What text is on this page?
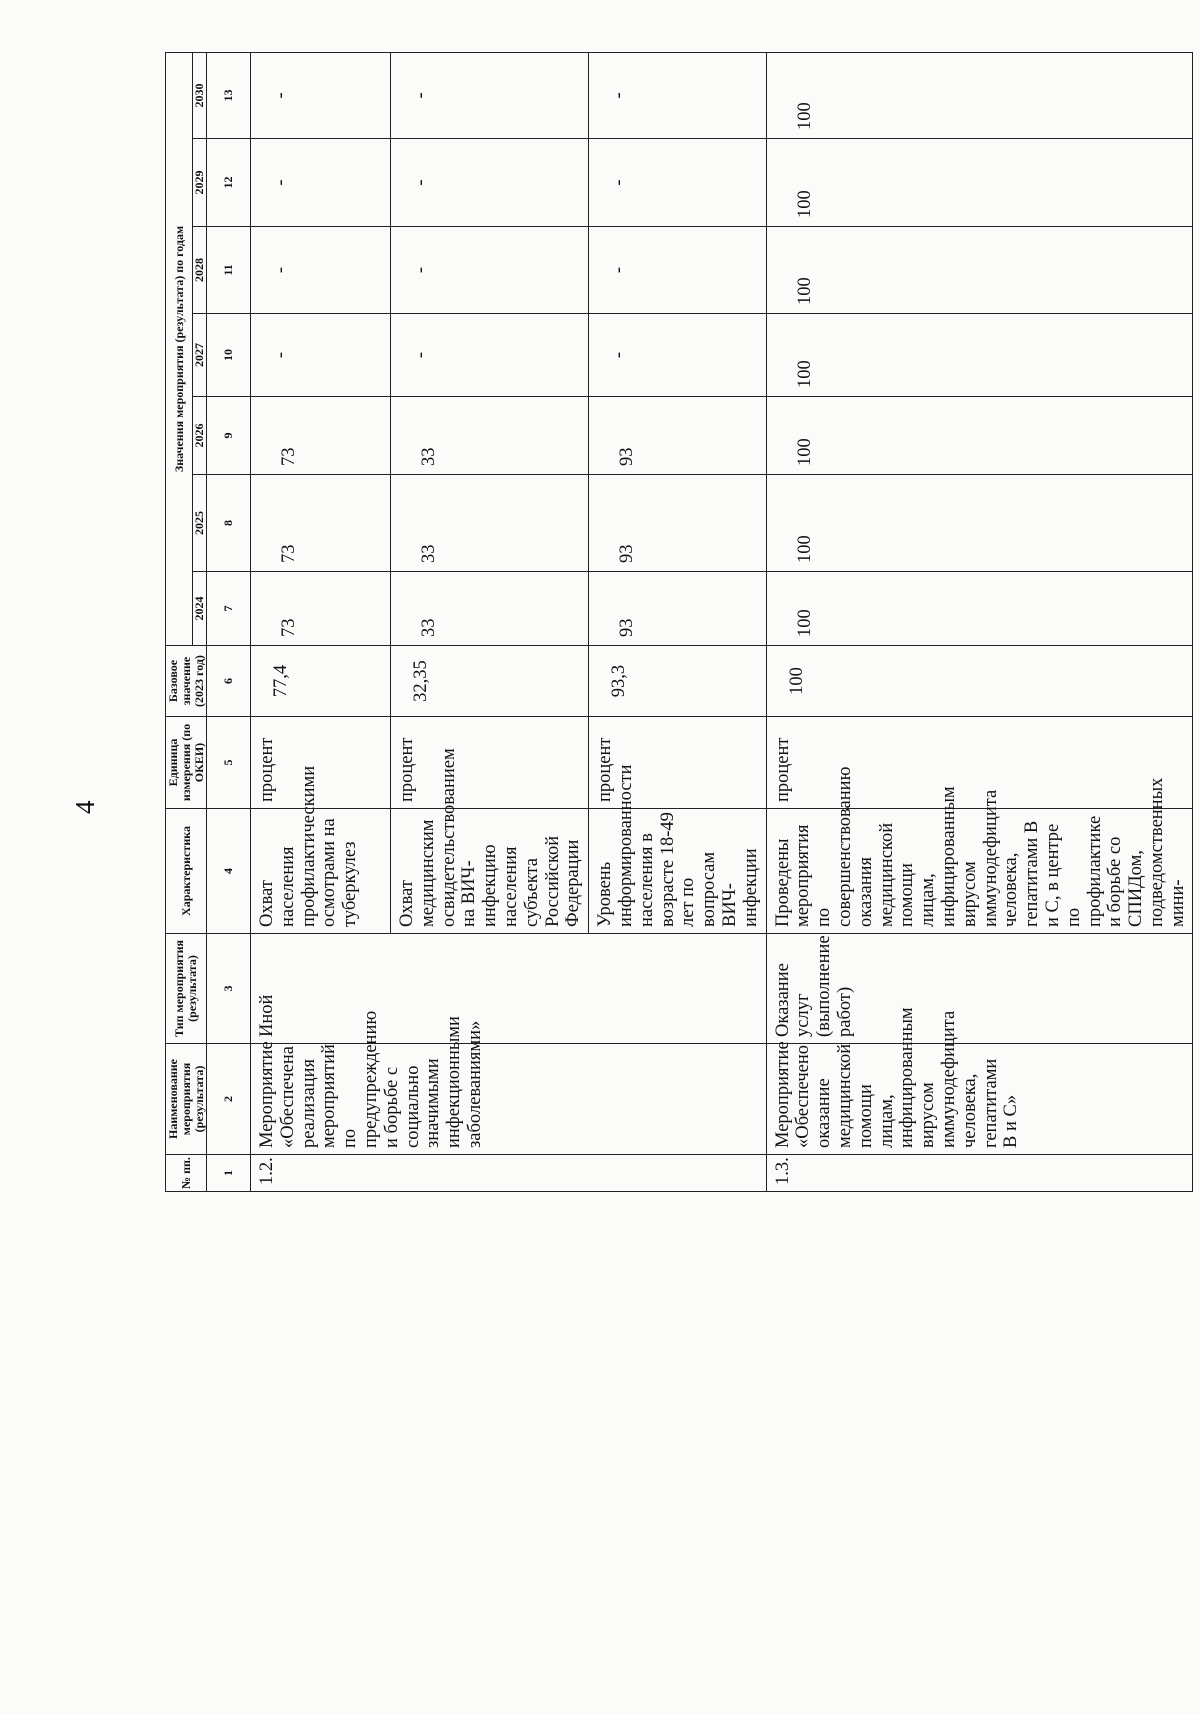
4
№ пп.	Наименование мероприятия (результата)	Тип мероприятия (результата)	Характеристика	Единица измерения (по ОКЕИ)	Базовое значение (2023 год)	Значения мероприятия (результата) по годам						
						2024	2025	2026	2027	2028	2029	2030
1	2	3	4	5	6	7	8	9	10	11	12	13
1.2.	Мероприятие «Обеспечена реализация мероприятий по предупреждению и борьбе с социально значимыми инфекционными заболеваниями»	Иной	Охват населения профилактическими осмотрами на туберкулез	процент	77,4	73	73	73	-	-	-	-
			Охват медицинским освидетельствованием на ВИЧ-инфекцию населения субъекта Российской Федерации	процент	32,35	33	33	33	-	-	-	-
			Уровень информированности населения в возрасте 18-49 лет по вопросам ВИЧ-инфекции	процент	93,3	93	93	93	-	-	-	-
1.3.	Мероприятие «Обеспечено оказание медицинской помощи лицам, инфицированным вирусом иммунодефицита человека, гепатитами В и С»	Оказание услуг (выполнение работ)	Проведены мероприятия по совершенствованию оказания медицинской помощи лицам, инфицированным вирусом иммунодефицита человека, гепатитами В и С, в центре по профилактике и борьбе со СПИДом, подведомственных мини-	процент	100	100	100	100	100	100	100	100
